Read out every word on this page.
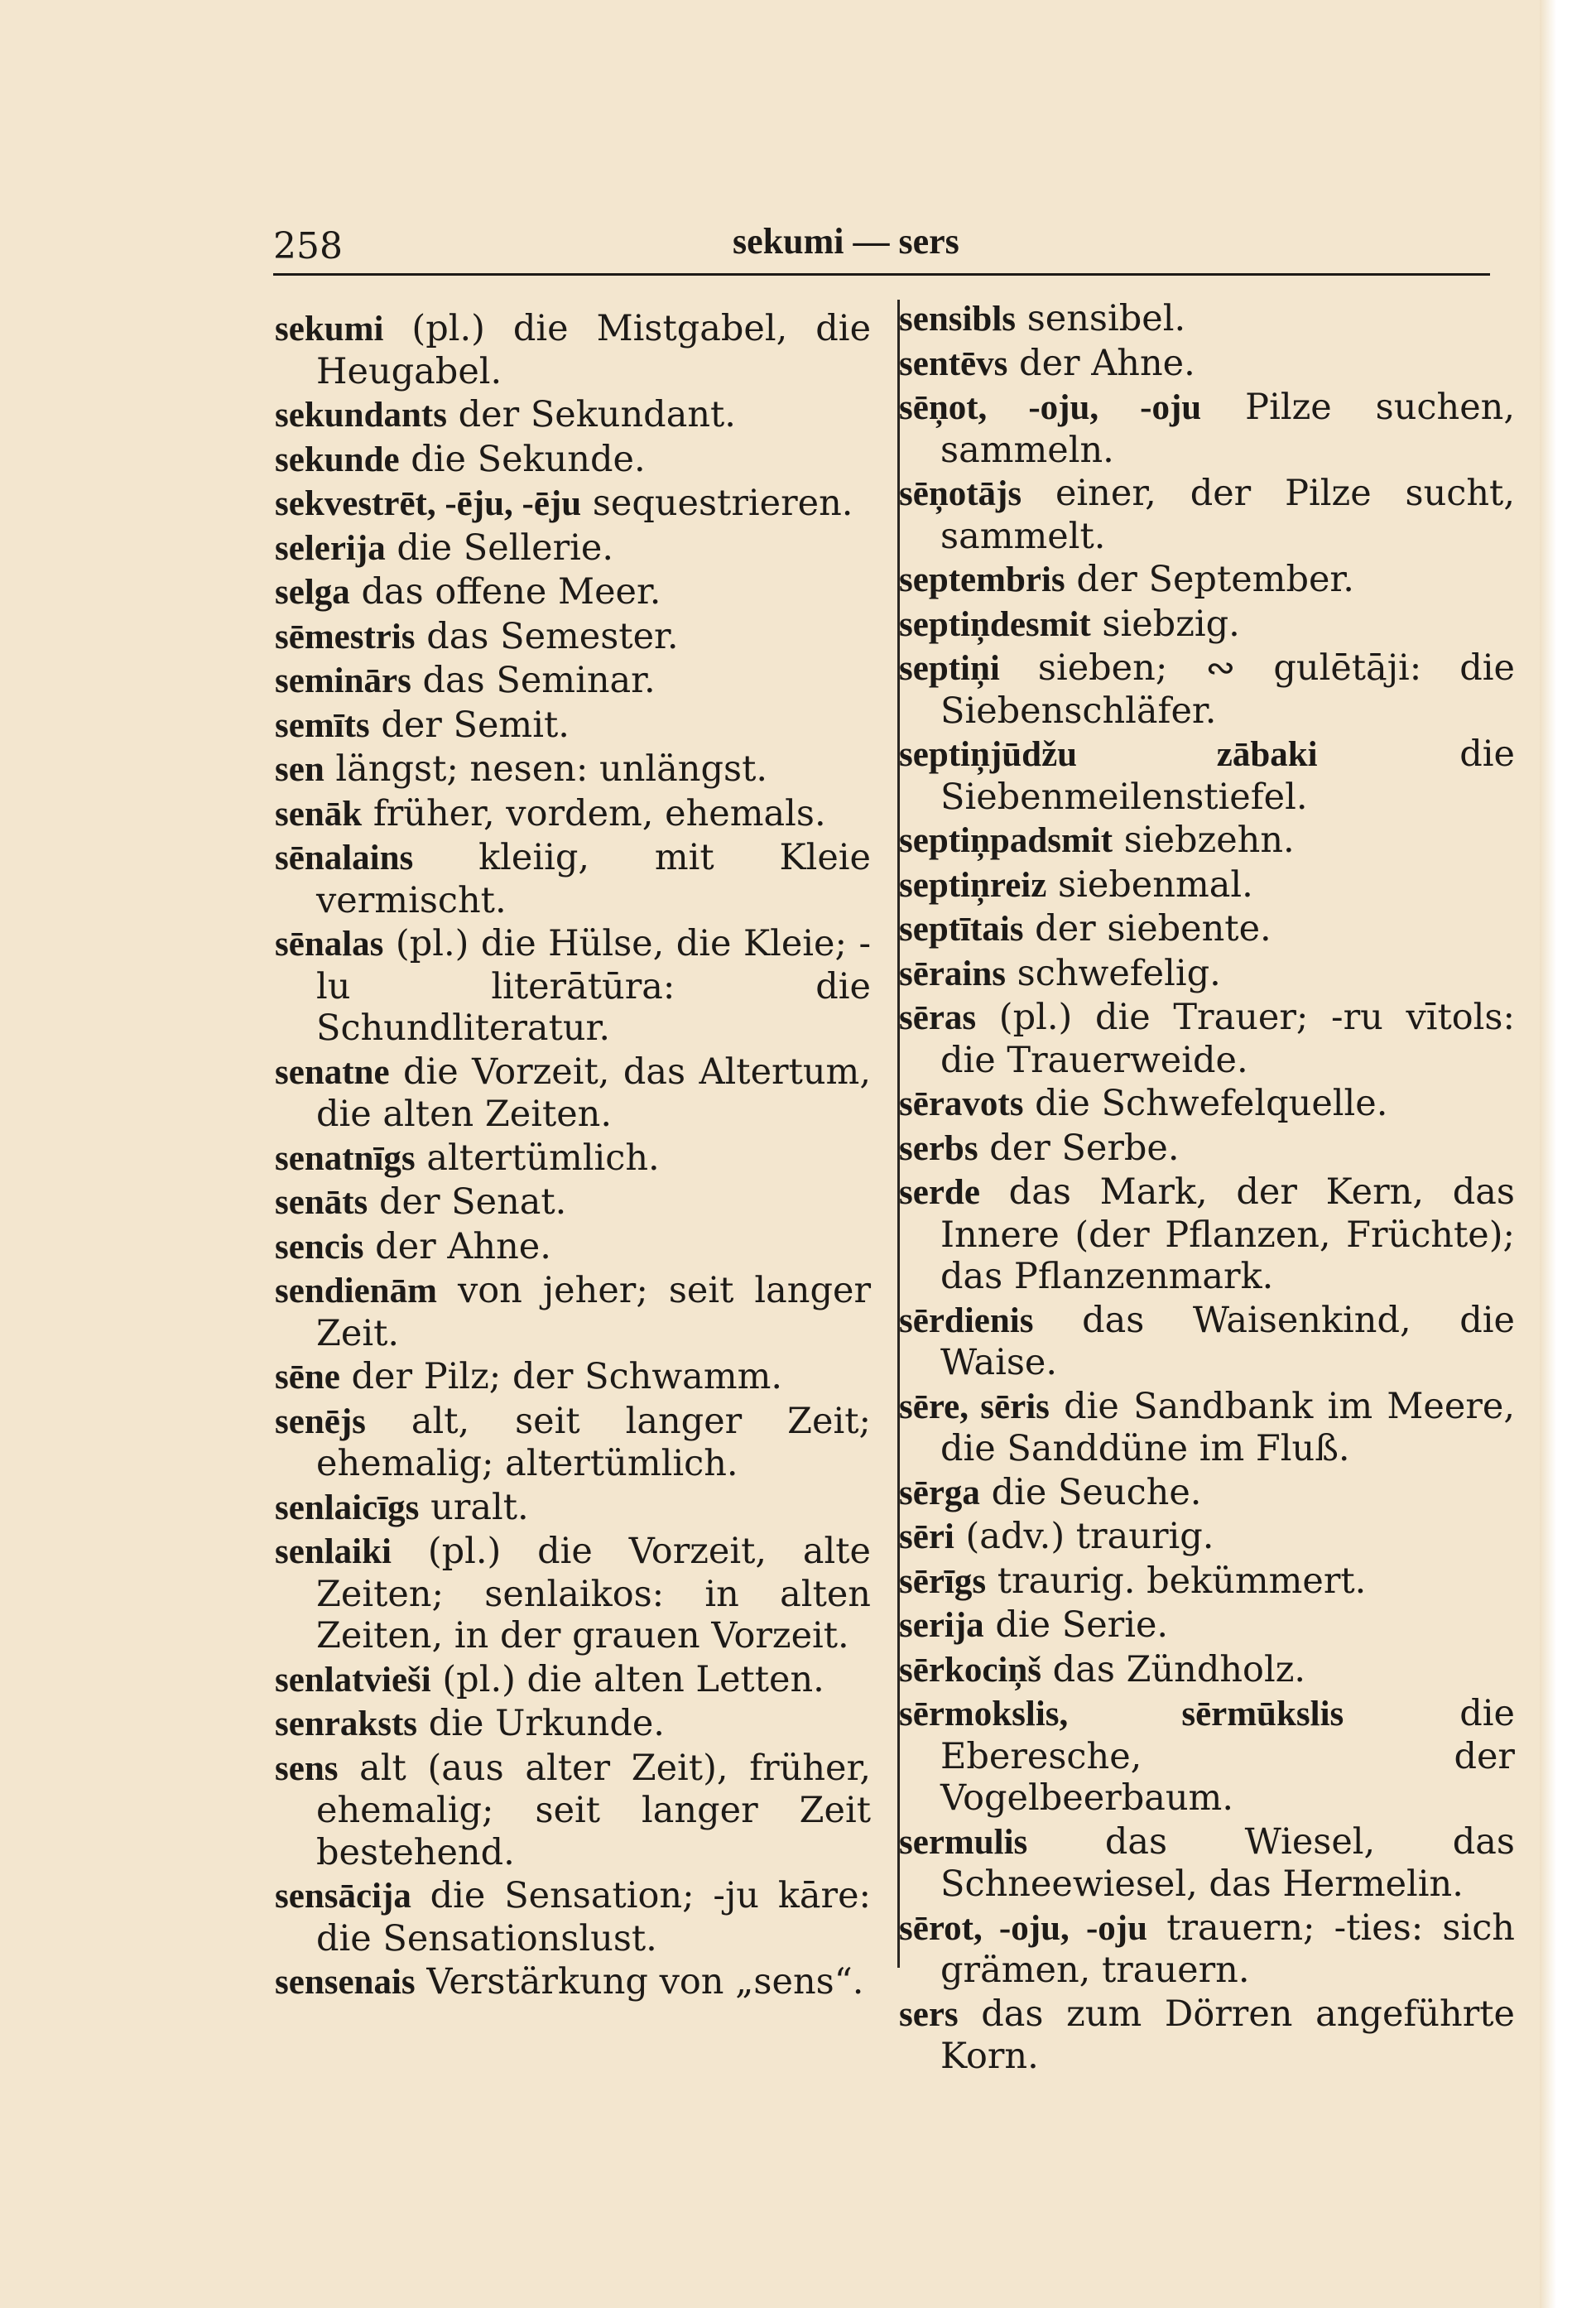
258	sekumi — sers
sekumi (pl.) die Mistgabel, die Heugabel.
sekundants der Sekundant.
sekunde die Sekunde.
sekvestrēt, -ēju, -ēju sequestrieren.
selerija die Sellerie.
selga das offene Meer.
sēmestris das Semester.
seminārs das Seminar.
semīts der Semit.
sen längst; nesen: unlängst.
senāk früher, vordem, ehemals.
sēnalains kleiig, mit Kleie vermischt.
sēnalas (pl.) die Hülse, die Kleie; -lu literātūra: die Schundliteratur.
senatne die Vorzeit, das Altertum, die alten Zeiten.
senatnīgs altertümlich.
senāts der Senat.
sencis der Ahne.
sendienām von jeher; seit langer Zeit.
sēne der Pilz; der Schwamm.
senējs alt, seit langer Zeit; ehemalig; altertümlich.
senlaicīgs uralt.
senlaiki (pl.) die Vorzeit, alte Zeiten; senlaikos: in alten Zeiten, in der grauen Vorzeit.
senlatvieši (pl.) die alten Letten.
senraksts die Urkunde.
sens alt (aus alter Zeit), früher, ehemalig; seit langer Zeit bestehend.
sensācija die Sensation; -ju kāre: die Sensationslust.
sensenais Verstärkung von „sens“.
sensibls sensibel.
sentēvs der Ahne.
sēņot, -oju, -oju Pilze suchen, sammeln.
sēņotājs einer, der Pilze sucht, sammelt.
septembris der September.
septiņdesmit siebzig.
septiņi sieben; ∾ gulētāji: die Siebenschläfer.
septiņjūdžu zābaki	die Siebenmeilenstiefel.
septiņpadsmit siebzehn.
septiņreiz siebenmal.
septītais der siebente.
sērains schwefelig.
sēras (pl.) die Trauer; -ru vītols: die Trauerweide.
sēravots die Schwefelquelle.
serbs der Serbe.
serde das Mark, der Kern, das Innere (der Pflanzen, Früchte); das Pflanzenmark.
sērdienis das Waisenkind, die Waise.
sēre, sēris die Sandbank im Meere, die Sanddüne im Fluß.
sērga die Seuche.
sēri (adv.) traurig.
sērīgs traurig. bekümmert.
serija die Serie.
sērkociņš das Zündholz.
sērmokslis, sērmūkslis	die Eberesche, der Vogelbeerbaum.
sermulis das Wiesel, das Schneewiesel, das Hermelin.
sērot, -oju, -oju trauern; -ties: sich grämen, trauern.
sers das zum Dörren angeführte Korn.
